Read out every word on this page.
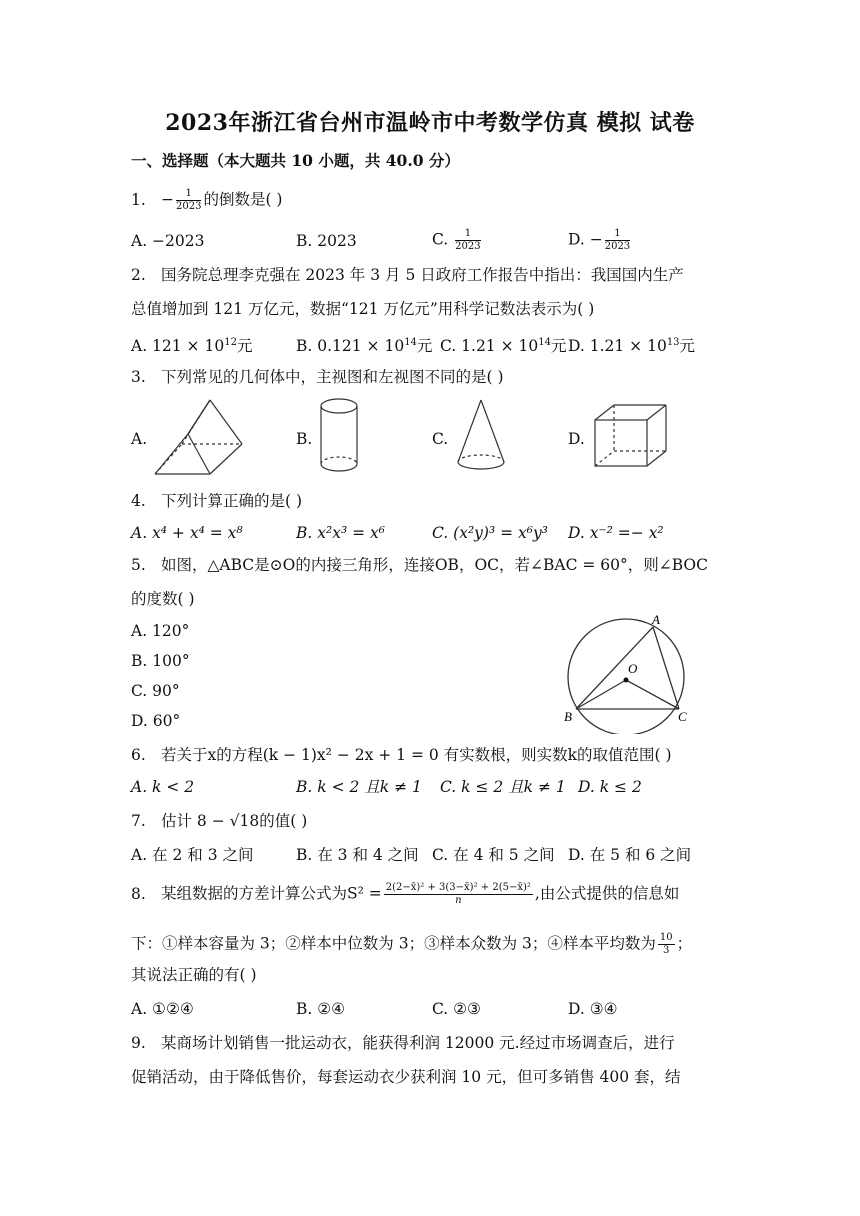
2023年浙江省台州市温岭市中考数学仿真 模拟 试卷
一、选择题（本大题共 10 小题，共 40.0 分）
1. − $\frac{1}{2023}$ 的倒数是( )
A. −2023	B. 2023	C. $\frac{1}{2023}$	D. − $\frac{1}{2023}$
2. 国务院总理李克强在 2023 年 3 月 5 日政府工作报告中指出：我国国内生产
总值增加到 121 万亿元，数据“121 万亿元”用科学记数法表示为( )
A. $121 \times 10^{12}$元	B. $0.121 \times 10^{14}$元 C. $1.21 \times 10^{14}$元 D. $1.21 \times 10^{13}$元
3. 下列常见的几何体中，主视图和左视图不同的是( )
A.	B.	C.	D.
4. 下列计算正确的是( )
A. x⁴ + x⁴ = x⁸	B. x²x³ = x⁶	C. (x²y)³ = x⁶y³ D. x⁻² =− x²
5. 如图，△ABC是⊙O的内接三角形，连接OB，OC，若∠BAC = 60°，则∠BOC
的度数( )
A. 120°
B. 100°
C. 90°
D. 60°
A
B	C
O
6. 若关于x的方程(k − 1)x² − 2x + 1 = 0 有实数根，则实数k的取值范围( )
A. k < 2	B. k < 2 且k ≠ 1 C. k ≤ 2 且k ≠ 1 D. k ≤ 2
7. 估计 8 − √18的值( )
A. 在 2 和 3 之间	B. 在 3 和 4 之间 C. 在 4 和 5 之间 D. 在 5 和 6 之间
8. 某组数据的方差计算公式为$S^2 = \frac{\text{2(2−x̄)² + 3(3−x̄)² + 2(5−x̄)²}}{n}$ ,由公式提供的信息如
下：①样本容量为 3；②样本中位数为 3；③样本众数为 3；④样本平均数为 $\frac{10}{3}$ ；
其说法正确的有( )
A. ①②④	B. ②④	C. ②③	D. ③④
9. 某商场计划销售一批运动衣，能获得利润 12000 元.经过市场调查后，进行
促销活动，由于降低售价，每套运动衣少获利润 10 元，但可多销售 400 套，结
